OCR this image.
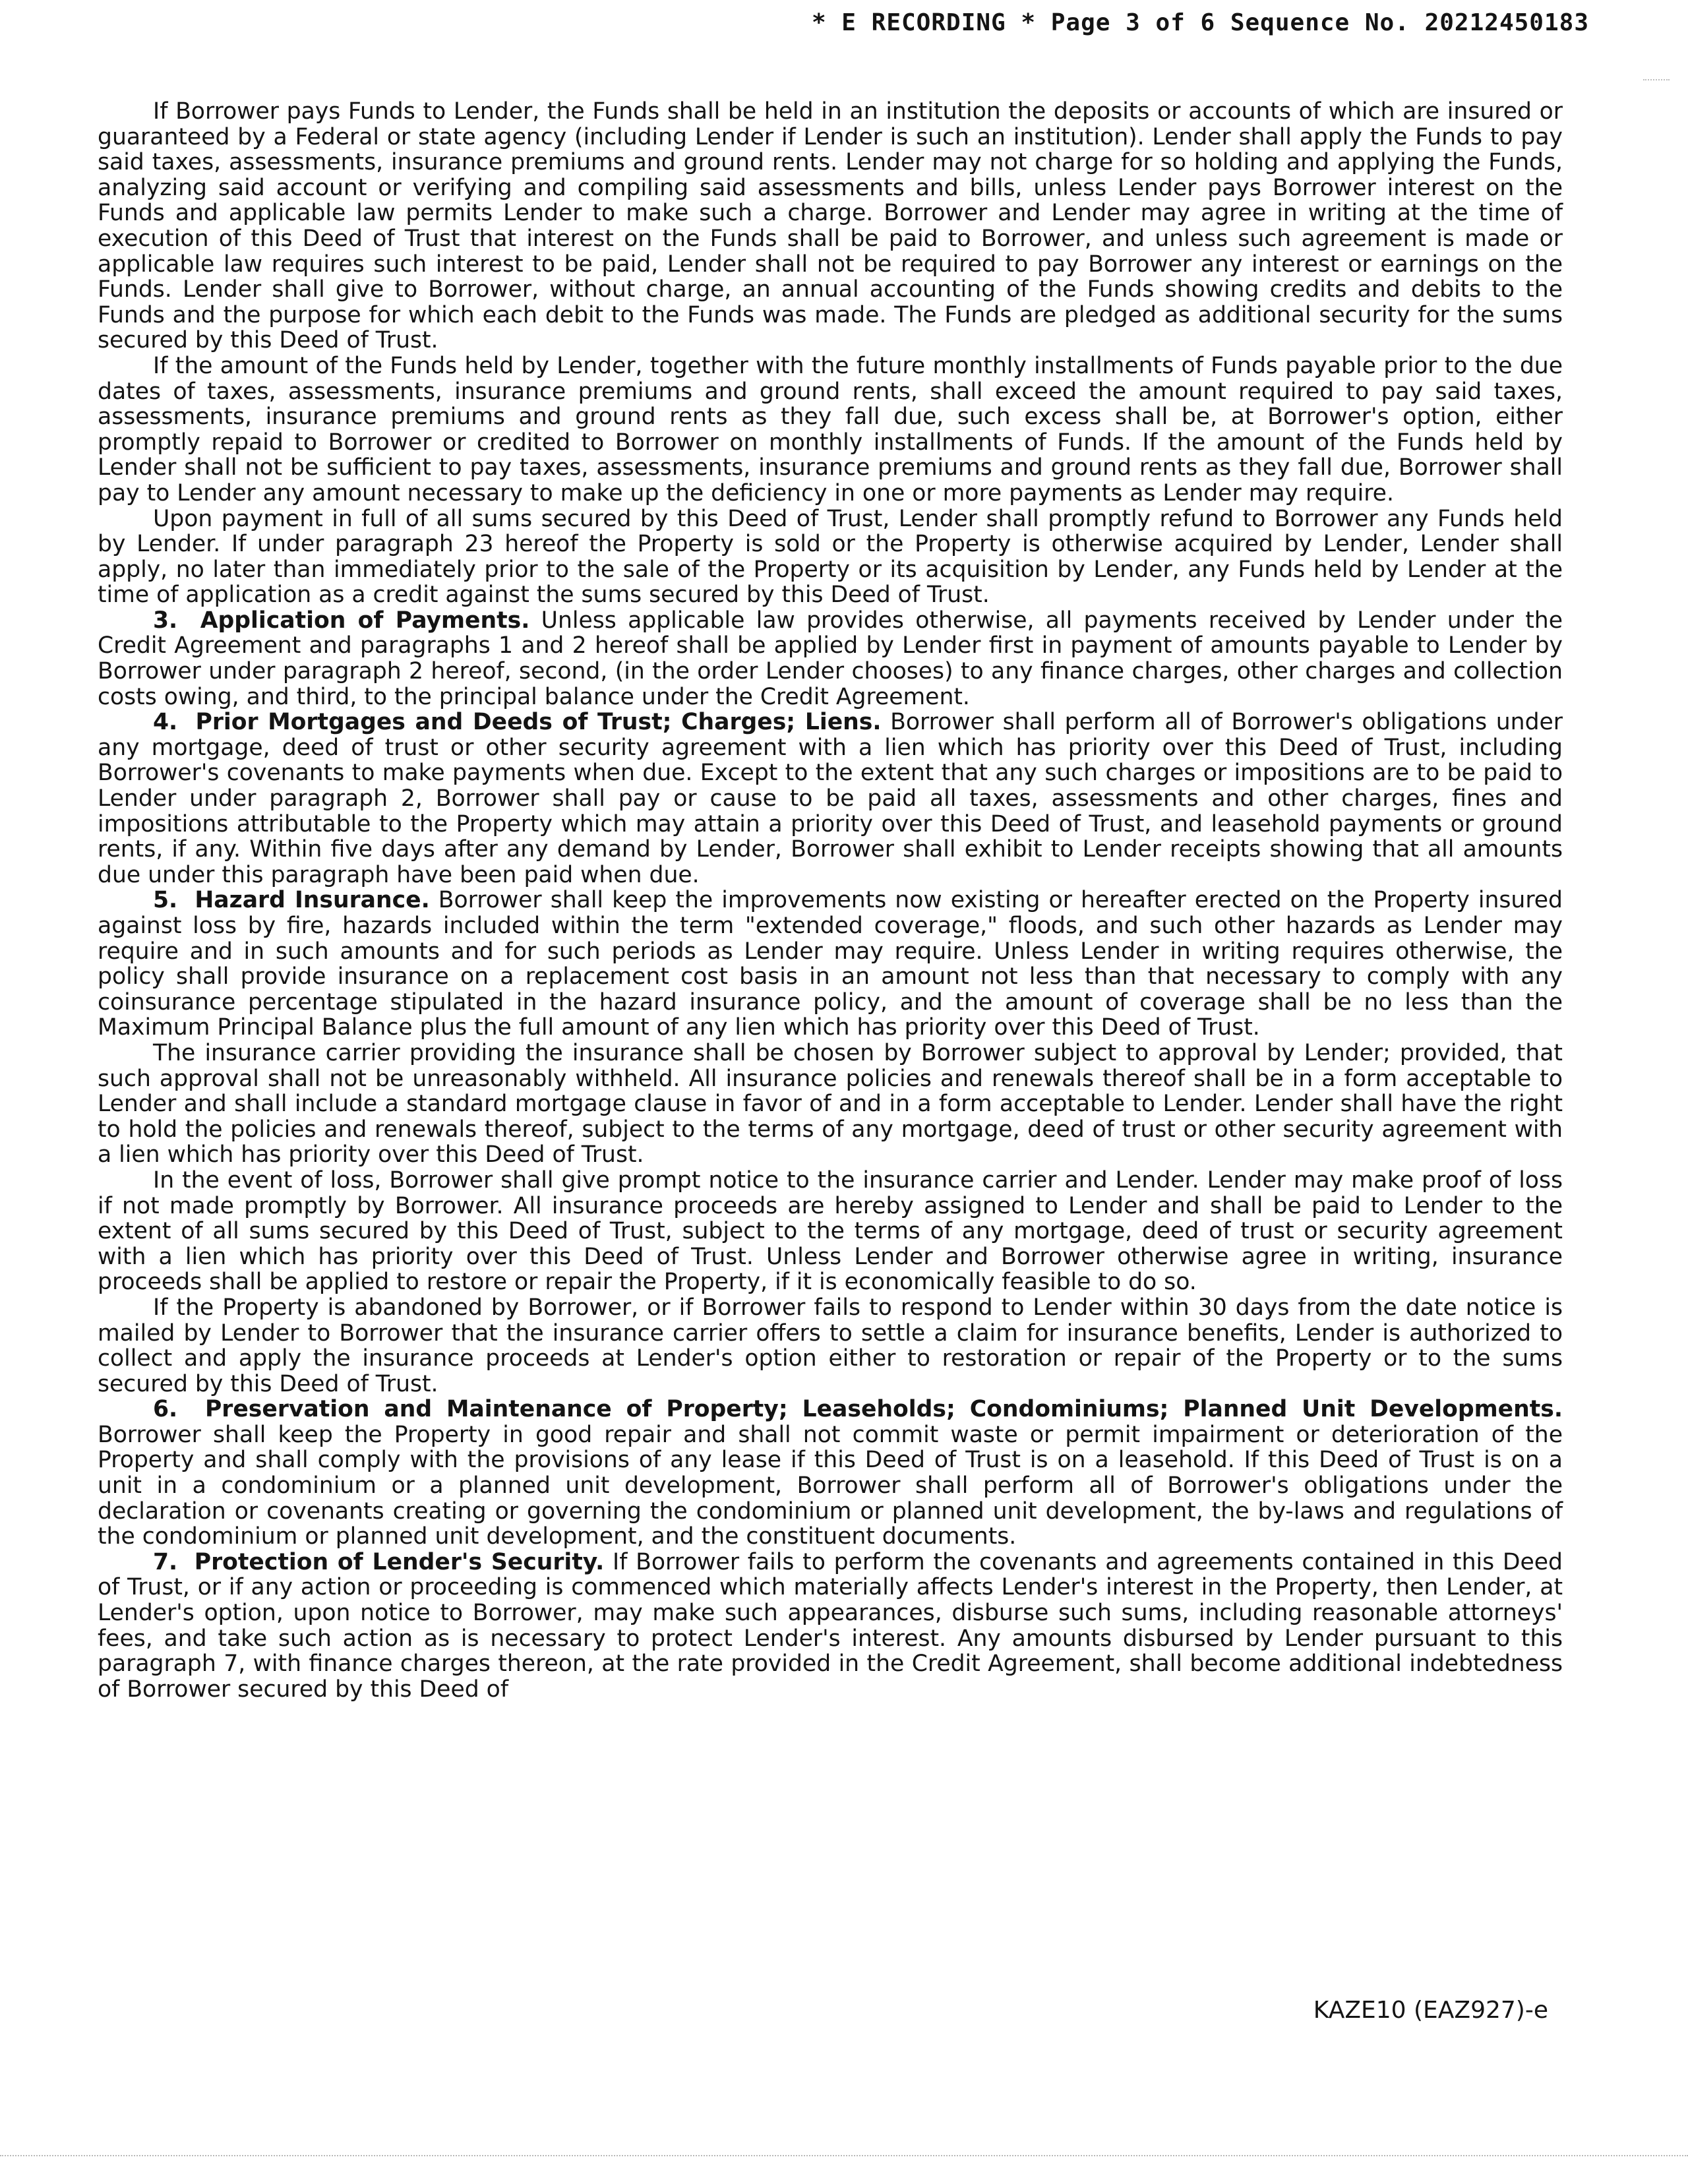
* E RECORDING * Page 3 of 6 Sequence No. 20212450183

If Borrower pays Funds to Lender, the Funds shall be held in an institution the deposits or accounts of which are insured or guaranteed by a Federal or state agency (including Lender if Lender is such an institution). Lender shall apply the Funds to pay said taxes, assessments, insurance premiums and ground rents. Lender may not charge for so holding and applying the Funds, analyzing said account or verifying and compiling said assessments and bills, unless Lender pays Borrower interest on the Funds and applicable law permits Lender to make such a charge. Borrower and Lender may agree in writing at the time of execution of this Deed of Trust that interest on the Funds shall be paid to Borrower, and unless such agreement is made or applicable law requires such interest to be paid, Lender shall not be required to pay Borrower any interest or earnings on the Funds. Lender shall give to Borrower, without charge, an annual accounting of the Funds showing credits and debits to the Funds and the purpose for which each debit to the Funds was made. The Funds are pledged as additional security for the sums secured by this Deed of Trust.

If the amount of the Funds held by Lender, together with the future monthly installments of Funds payable prior to the due dates of taxes, assessments, insurance premiums and ground rents, shall exceed the amount required to pay said taxes, assessments, insurance premiums and ground rents as they fall due, such excess shall be, at Borrower's option, either promptly repaid to Borrower or credited to Borrower on monthly installments of Funds. If the amount of the Funds held by Lender shall not be sufficient to pay taxes, assessments, insurance premiums and ground rents as they fall due, Borrower shall pay to Lender any amount necessary to make up the deficiency in one or more payments as Lender may require.

Upon payment in full of all sums secured by this Deed of Trust, Lender shall promptly refund to Borrower any Funds held by Lender. If under paragraph 23 hereof the Property is sold or the Property is otherwise acquired by Lender, Lender shall apply, no later than immediately prior to the sale of the Property or its acquisition by Lender, any Funds held by Lender at the time of application as a credit against the sums secured by this Deed of Trust.

3. Application of Payments. Unless applicable law provides otherwise, all payments received by Lender under the Credit Agreement and paragraphs 1 and 2 hereof shall be applied by Lender first in payment of amounts payable to Lender by Borrower under paragraph 2 hereof, second, (in the order Lender chooses) to any finance charges, other charges and collection costs owing, and third, to the principal balance under the Credit Agreement.

4. Prior Mortgages and Deeds of Trust; Charges; Liens. Borrower shall perform all of Borrower's obligations under any mortgage, deed of trust or other security agreement with a lien which has priority over this Deed of Trust, including Borrower's covenants to make payments when due. Except to the extent that any such charges or impositions are to be paid to Lender under paragraph 2, Borrower shall pay or cause to be paid all taxes, assessments and other charges, fines and impositions attributable to the Property which may attain a priority over this Deed of Trust, and leasehold payments or ground rents, if any. Within five days after any demand by Lender, Borrower shall exhibit to Lender receipts showing that all amounts due under this paragraph have been paid when due.

5. Hazard Insurance. Borrower shall keep the improvements now existing or hereafter erected on the Property insured against loss by fire, hazards included within the term "extended coverage," floods, and such other hazards as Lender may require and in such amounts and for such periods as Lender may require. Unless Lender in writing requires otherwise, the policy shall provide insurance on a replacement cost basis in an amount not less than that necessary to comply with any coinsurance percentage stipulated in the hazard insurance policy, and the amount of coverage shall be no less than the Maximum Principal Balance plus the full amount of any lien which has priority over this Deed of Trust.

The insurance carrier providing the insurance shall be chosen by Borrower subject to approval by Lender; provided, that such approval shall not be unreasonably withheld. All insurance policies and renewals thereof shall be in a form acceptable to Lender and shall include a standard mortgage clause in favor of and in a form acceptable to Lender. Lender shall have the right to hold the policies and renewals thereof, subject to the terms of any mortgage, deed of trust or other security agreement with a lien which has priority over this Deed of Trust.

In the event of loss, Borrower shall give prompt notice to the insurance carrier and Lender. Lender may make proof of loss if not made promptly by Borrower. All insurance proceeds are hereby assigned to Lender and shall be paid to Lender to the extent of all sums secured by this Deed of Trust, subject to the terms of any mortgage, deed of trust or security agreement with a lien which has priority over this Deed of Trust. Unless Lender and Borrower otherwise agree in writing, insurance proceeds shall be applied to restore or repair the Property, if it is economically feasible to do so.

If the Property is abandoned by Borrower, or if Borrower fails to respond to Lender within 30 days from the date notice is mailed by Lender to Borrower that the insurance carrier offers to settle a claim for insurance benefits, Lender is authorized to collect and apply the insurance proceeds at Lender's option either to restoration or repair of the Property or to the sums secured by this Deed of Trust.

6. Preservation and Maintenance of Property; Leaseholds; Condominiums; Planned Unit Developments. Borrower shall keep the Property in good repair and shall not commit waste or permit impairment or deterioration of the Property and shall comply with the provisions of any lease if this Deed of Trust is on a leasehold. If this Deed of Trust is on a unit in a condominium or a planned unit development, Borrower shall perform all of Borrower's obligations under the declaration or covenants creating or governing the condominium or planned unit development, the by-laws and regulations of the condominium or planned unit development, and the constituent documents.

7. Protection of Lender's Security. If Borrower fails to perform the covenants and agreements contained in this Deed of Trust, or if any action or proceeding is commenced which materially affects Lender's interest in the Property, then Lender, at Lender's option, upon notice to Borrower, may make such appearances, disburse such sums, including reasonable attorneys' fees, and take such action as is necessary to protect Lender's interest. Any amounts disbursed by Lender pursuant to this paragraph 7, with finance charges thereon, at the rate provided in the Credit Agreement, shall become additional indebtedness of Borrower secured by this Deed of

KAZE10 (EAZ927)-e
